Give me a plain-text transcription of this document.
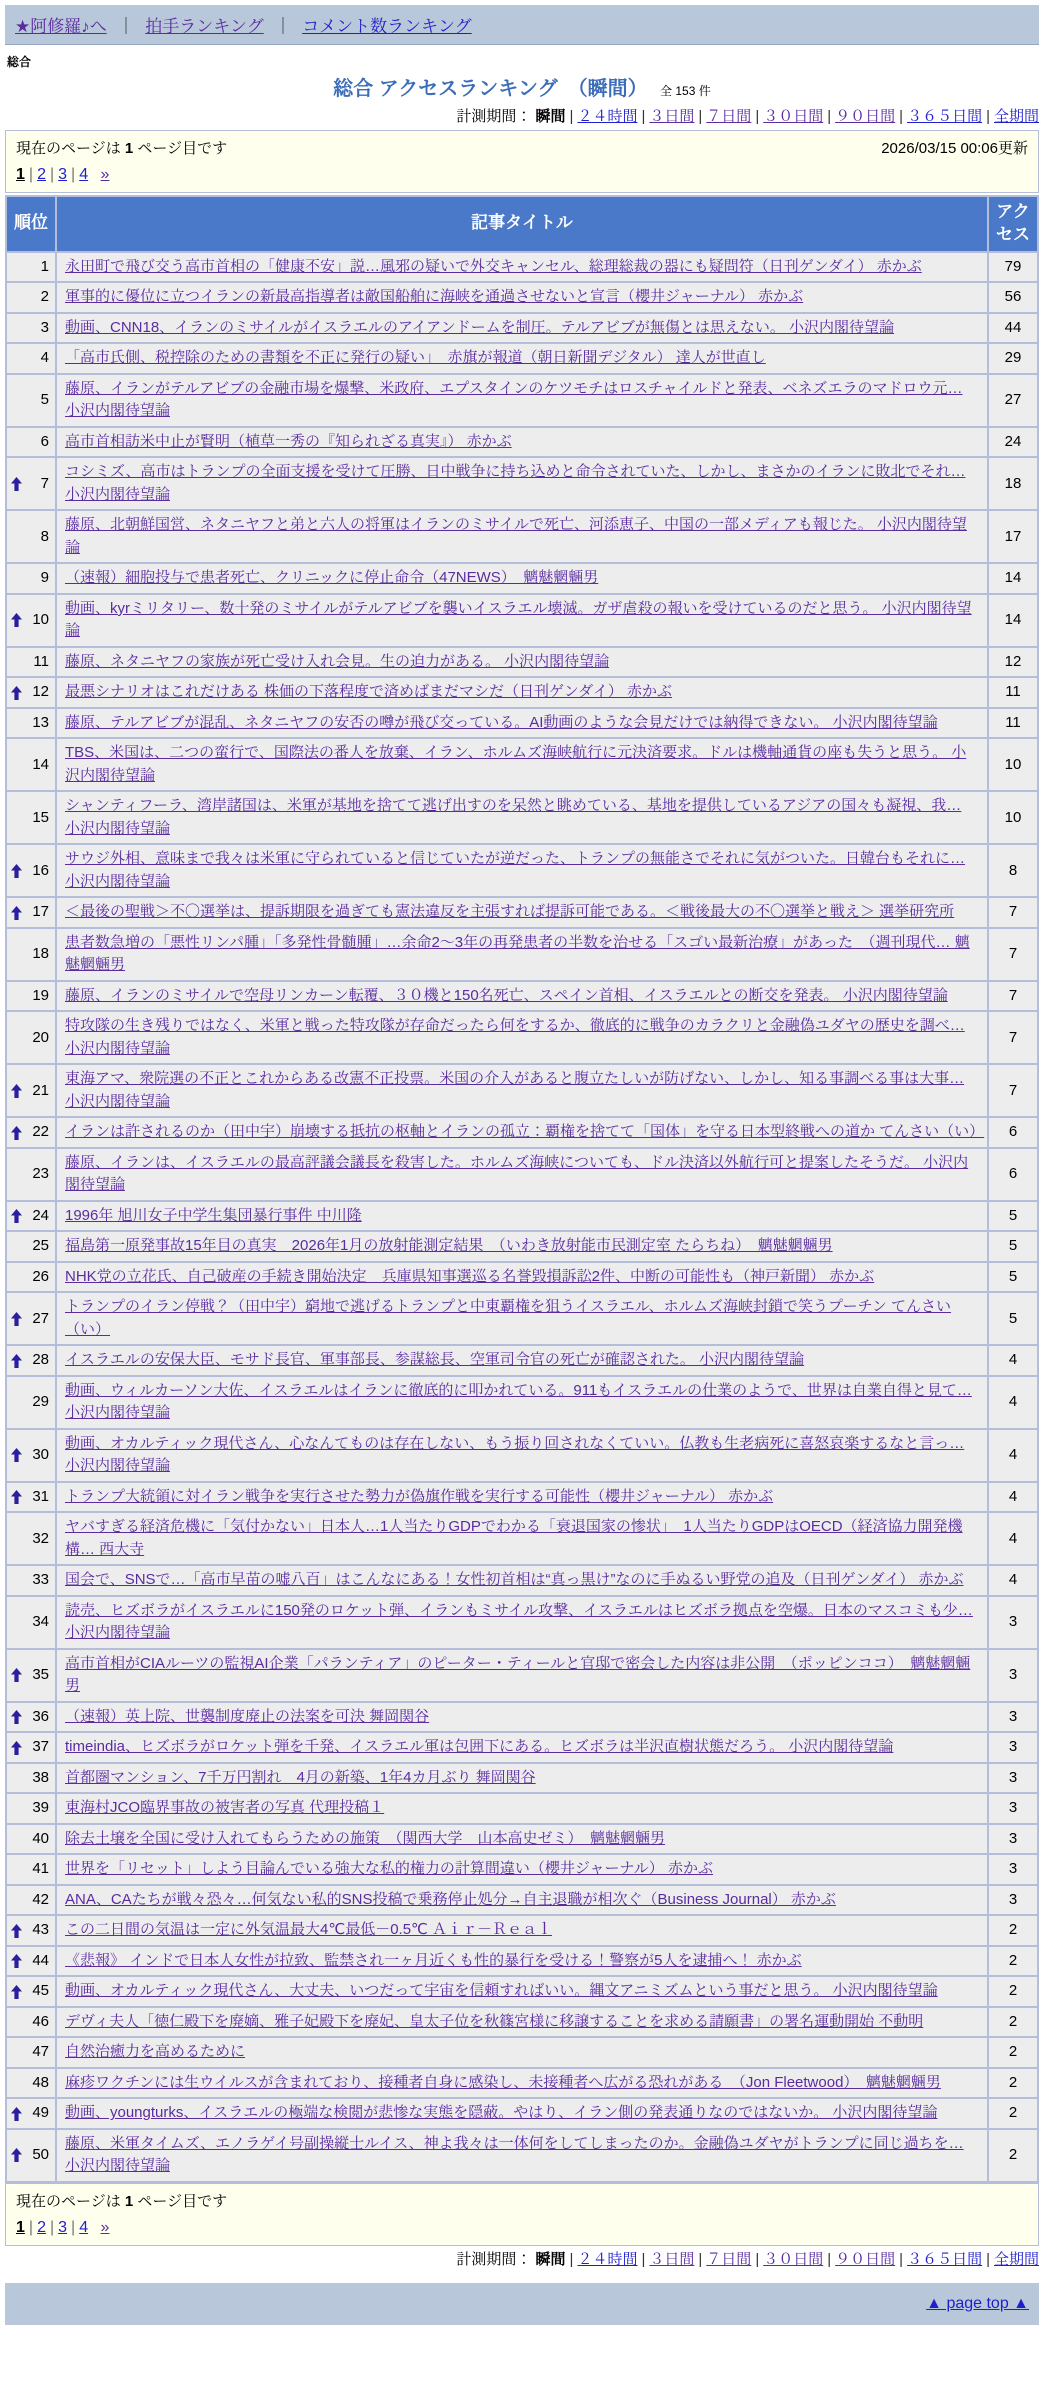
★阿修羅♪へ ｜ 拍手ランキング ｜ コメント数ランキング
総合
総合 アクセスランキング　（瞬間） 全 153 件
計測期間： 瞬間 | ２４時間 | ３日間 | ７日間 | ３０日間 | ９０日間 | ３６５日間 | 全期間
現在のページは 1 ページ目です	2026/03/15 00:06更新
1 | 2 | 3 | 4 »
順位	記事タイトル	アクセス
1	永田町で飛び交う高市首相の「健康不安」説…風邪の疑いで外交キャンセル、総理総裁の器にも疑問符（日刊ゲンダイ） 赤かぶ	79
2	軍事的に優位に立つイランの新最高指導者は敵国船舶に海峡を通過させないと宣言（櫻井ジャーナル） 赤かぶ	56
3	動画、CNN18、イランのミサイルがイスラエルのアイアンドームを制圧。テルアビブが無傷とは思えない。 小沢内閣待望論	44
4	「高市氏側、税控除のための書類を不正に発行の疑い」　赤旗が報道（朝日新聞デジタル） 達人が世直し	29
5	藤原、イランがテルアビブの金融市場を爆撃、米政府、エプスタインのケツモチはロスチャイルドと発表、ベネズエラのマドロウ元… 小沢内閣待望論	27
6	高市首相訪米中止が賢明（植草一秀の『知られざる真実』） 赤かぶ	24

7	コシミズ、高市はトランプの全面支援を受けて圧勝、日中戦争に持ち込めと命令されていた、しかし、まさかのイランに敗北でそれ… 小沢内閣待望論	18
8	藤原、北朝鮮国営、ネタニヤフと弟と六人の将軍はイランのミサイルで死亡、河添恵子、中国の一部メディアも報じた。 小沢内閣待望論	17
9	（速報）細胞投与で患者死亡、クリニックに停止命令（47NEWS）　魑魅魍魎男	14

10	動画、kyrミリタリー、数十発のミサイルがテルアビブを襲いイスラエル壊滅。ガザ虐殺の報いを受けているのだと思う。 小沢内閣待望論	14
11	藤原、ネタニヤフの家族が死亡受け入れ会見。生の迫力がある。 小沢内閣待望論	12

12	最悪シナリオはこれだけある 株価の下落程度で済めばまだマシだ（日刊ゲンダイ） 赤かぶ	11
13	藤原、テルアビブが混乱、ネタニヤフの安否の噂が飛び交っている。AI動画のような会見だけでは納得できない。 小沢内閣待望論	11
14	TBS、米国は、二つの蛮行で、国際法の番人を放棄、イラン、ホルムズ海峡航行に元決済要求。ドルは機軸通貨の座も失うと思う。 小沢内閣待望論	10
15	シャンティフーラ、湾岸諸国は、米軍が基地を捨てて逃げ出すのを呆然と眺めている、基地を提供しているアジアの国々も凝視、我… 小沢内閣待望論	10

16	サウジ外相、意味まで我々は米軍に守られていると信じていたが逆だった、トランプの無能さでそれに気がついた。日韓台もそれに… 小沢内閣待望論	8

17	＜最後の聖戦＞不〇選挙は、提訴期限を過ぎても憲法違反を主張すれば提訴可能である。＜戦後最大の不〇選挙と戦え＞ 選挙研究所	7
18	患者数急増の「悪性リンパ腫」「多発性骨髄腫」…余命2～3年の再発患者の半数を治せる「スゴい最新治療」があった　（週刊現代… 魑魅魍魎男	7
19	藤原、イランのミサイルで空母リンカーン転覆、３０機と150名死亡、スペイン首相、イスラエルとの断交を発表。 小沢内閣待望論	7
20	特攻隊の生き残りではなく、米軍と戦った特攻隊が存命だったら何をするか、徹底的に戦争のカラクリと金融偽ユダヤの歴史を調べ… 小沢内閣待望論	7

21	東海アマ、衆院選の不正とこれからある改憲不正投票。米国の介入があると腹立たしいが防げない、しかし、知る事調べる事は大事… 小沢内閣待望論	7

22	イランは許されるのか（田中宇）崩壊する抵抗の枢軸とイランの孤立：覇権を捨てて「国体」を守る日本型終戦への道か てんさい（い）	6
23	藤原、イランは、イスラエルの最高評議会議長を殺害した。ホルムズ海峡についても、ドル決済以外航行可と提案したそうだ。 小沢内閣待望論	6

24	1996年 旭川女子中学生集団暴行事件 中川隆	5
25	福島第一原発事故15年目の真実　2026年1月の放射能測定結果　（いわき放射能市民測定室 たらちね）　魑魅魍魎男	5
26	NHK党の立花氏、自己破産の手続き開始決定　兵庫県知事選巡る名誉毀損訴訟2件、中断の可能性も（神戸新聞） 赤かぶ	5

27	トランプのイラン停戦？（田中宇）窮地で逃げるトランプと中東覇権を狙うイスラエル、ホルムズ海峡封鎖で笑うプーチン てんさい（い）	5

28	イスラエルの安保大臣、モサド長官、軍事部長、参謀総長、空軍司令官の死亡が確認された。 小沢内閣待望論	4
29	動画、ウィルカーソン大佐、イスラエルはイランに徹底的に叩かれている。911もイスラエルの仕業のようで、世界は自業自得と見て… 小沢内閣待望論	4

30	動画、オカルティック現代さん、心なんてものは存在しない、もう振り回されなくていい。仏教も生老病死に喜怒哀楽するなと言っ… 小沢内閣待望論	4

31	トランプ大統領に対イラン戦争を実行させた勢力が偽旗作戦を実行する可能性（櫻井ジャーナル） 赤かぶ	4
32	ヤバすぎる経済危機に「気付かない」日本人…1人当たりGDPでわかる「衰退国家の惨状」　1人当たりGDPはOECD（経済協力開発機構… 西大寺	4
33	国会で、SNSで…「高市早苗の嘘八百」はこんなにある！女性初首相は“真っ黒け”なのに手ぬるい野党の追及（日刊ゲンダイ） 赤かぶ	4
34	読売、ヒズボラがイスラエルに150発のロケット弾、イランもミサイル攻撃、イスラエルはヒズボラ拠点を空爆。日本のマスコミも少… 小沢内閣待望論	3

35	高市首相がCIAルーツの監視AI企業「パランティア」のピーター・ティールと官邸で密会した内容は非公開　（ポッピンココ）　魑魅魍魎男	3

36	（速報）英上院、世襲制度廃止の法案を可決 舞岡関谷	3

37	timeindia、ヒズボラがロケット弾を千発、イスラエル軍は包囲下にある。ヒズボラは半沢直樹状態だろう。 小沢内閣待望論	3
38	首都圏マンション、7千万円割れ　4月の新築、1年4カ月ぶり 舞岡関谷	3
39	東海村JCO臨界事故の被害者の写真 代理投稿１	3
40	除去土壌を全国に受け入れてもらうための施策　（関西大学　山本高史ゼミ）　魑魅魍魎男	3
41	世界を「リセット」しよう目論んでいる強大な私的権力の計算間違い（櫻井ジャーナル） 赤かぶ	3
42	ANA、CAたちが戦々恐々…何気ない私的SNS投稿で乗務停止処分→自主退職が相次ぐ（Business Journal） 赤かぶ	3

43	この二日間の気温は一定に外気温最大4℃最低－0.5℃ Ａｉｒ－Ｒｅａｌ	2

44	《悲報》 インドで日本人女性が拉致、監禁され一ヶ月近くも性的暴行を受ける！警察が5人を逮捕へ！ 赤かぶ	2

45	動画、オカルティック現代さん、大丈夫、いつだって宇宙を信頼すればいい。縄文アニミズムという事だと思う。 小沢内閣待望論	2
46	デヴィ夫人「徳仁殿下を廃嫡、雅子妃殿下を廃妃、皇太子位を秋篠宮様に移譲することを求める請願書」の署名運動開始 不動明	2
47	自然治癒力を高めるために	2
48	麻疹ワクチンには生ウイルスが含まれており、接種者自身に感染し、未接種者へ広がる恐れがある　（Jon Fleetwood）　魑魅魍魎男	2

49	動画、youngturks、イスラエルの極端な検閲が悲惨な実態を隠蔽。やはり、イラン側の発表通りなのではないか。 小沢内閣待望論	2

50	藤原、米軍タイムズ、エノラゲイ号副操縦士ルイス、神よ我々は一体何をしてしまったのか。金融偽ユダヤがトランプに同じ過ちを… 小沢内閣待望論	2
現在のページは 1 ページ目です
1 | 2 | 3 | 4 »
計測期間： 瞬間 | ２４時間 | ３日間 | ７日間 | ３０日間 | ９０日間 | ３６５日間 | 全期間
▲ page top ▲
